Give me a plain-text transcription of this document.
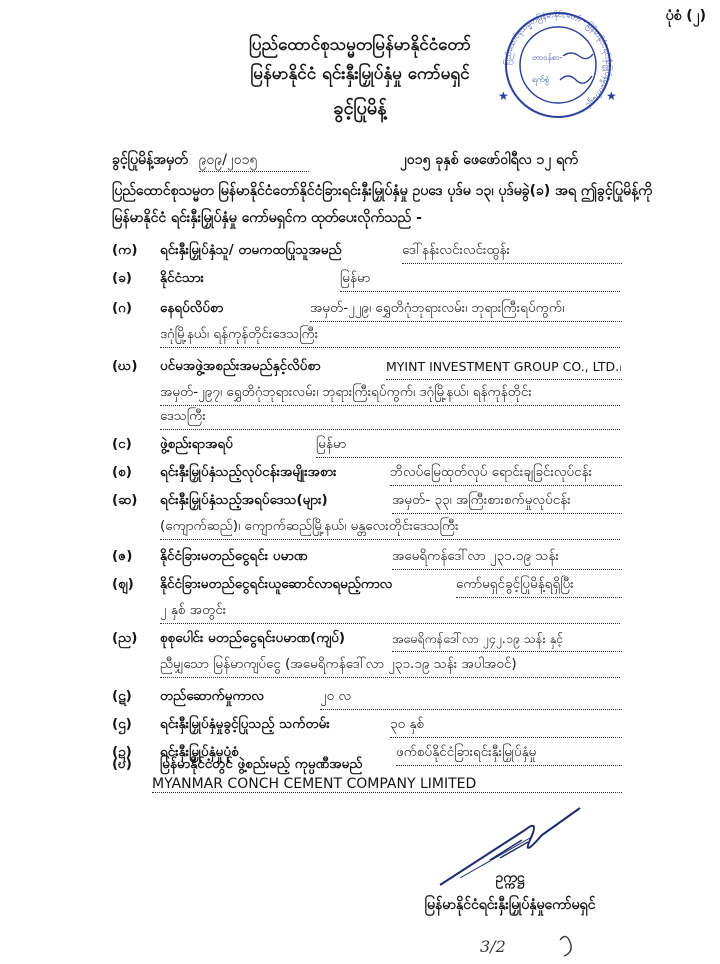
ပုံစံ (၂)
ပြည်ထောင်စုသမ္မတမြန်မာနိုင်ငံတော်
မြန်မာနိုင်ငံ ရင်းနှီးမြှုပ်နှံမှု ကော်မရှင်
ခွင့်ပြုမိန့်
ပြည်ထောင်စုသမ္မတမြန်မာနိုင်ငံတော် · မြန်မာနိုင်ငံရင်းနှီးမြှုပ်နှံမှုကော်မရှင်
တာဝန်စာ-
ရက်စွဲ
★
★
ခွင့်ပြုမိန့်အမှတ် ၉၀၉/၂၀၁၅	၂၀၁၅ ခုနှစ် ဖေဖော်ဝါရီလ ၁၂ ရက်
ပြည်ထောင်စုသမ္မတ မြန်မာနိုင်ငံတော်နိုင်ငံခြားရင်းနှီးမြှုပ်နှံမှု ဥပဒေ ပုဒ်မ ၁၃၊ ပုဒ်မခွဲ(ခ) အရ ဤခွင့်ပြုမိန့်ကို မြန်မာနိုင်ငံ ရင်းနှီးမြှုပ်နှံမှု ကော်မရှင်က ထုတ်ပေးလိုက်သည် -
(က) ရင်းနှီးမြှုပ်နှံသူ/ တမကထပြုသူအမည်	ဒေါ်နန်းလင်းလင်းထွန်း
(ခ) နိုင်ငံသား	မြန်မာ
(ဂ) နေရပ်လိပ်စာ	အမှတ်-၂၂၉၊ ရွှေတိဂုံဘုရားလမ်း၊ ဘုရားကြီးရပ်ကွက်၊
ဒဂုံမြို့နယ်၊ ရန်ကုန်တိုင်းဒေသကြီး
(ဃ) ပင်မအဖွဲ့အစည်းအမည်နှင့်လိပ်စာ	MYINT INVESTMENT GROUP CO., LTD.၊
အမှတ်-၂၉၇၊ ရွှေတိဂုံဘုရားလမ်း၊ ဘုရားကြီးရပ်ကွက်၊ ဒဂုံမြို့နယ်၊ ရန်ကုန်တိုင်း
ဒေသကြီး
(င) ဖွဲ့စည်းရာအရပ်	မြန်မာ
(စ) ရင်းနှီးမြှုပ်နှံသည့်လုပ်ငန်းအမျိုးအစား	ဘိလပ်မြေထုတ်လုပ် ရောင်းချခြင်းလုပ်ငန်း
(ဆ) ရင်းနှီးမြှုပ်နှံသည့်အရပ်ဒေသ(များ)	အမှတ်- ၃၃၊ အကြီးစားစက်မှုလုပ်ငန်း
(ကျောက်ဆည်)၊ ကျောက်ဆည်မြို့နယ်၊ မန္တလေးတိုင်းဒေသကြီး
(ဇ) နိုင်ငံခြားမတည်ငွေရင်း ပမာဏ	အမေရိကန်ဒေါ်လာ ၂၃၁.၁၉ သန်း
(ဈ) နိုင်ငံခြားမတည်ငွေရင်းယူဆောင်လာရမည့်ကာလ	ကော်မရှင်ခွင့်ပြုမိန့်ရရှိပြီး
၂ နှစ် အတွင်း
(ည) စုစုပေါင်း မတည်ငွေရင်းပမာဏ(ကျပ်)	အမေရိကန်ဒေါ်လာ ၂၄၂.၁၉ သန်း နှင့်
ညီမျှသော မြန်မာကျပ်ငွေ (အမေရိကန်ဒေါ်လာ ၂၃၁.၁၉ သန်း အပါအဝင်)
(ဋ) တည်ဆောက်မှုကာလ	၂၀ လ
(ဌ) ရင်းနှီးမြှုပ်နှံမှုခွင့်ပြုသည့် သက်တမ်း	၃၀ နှစ်
(ဍ) ရင်းနှီးမြှုပ်နှံမှုပုံစံ	ဖက်စပ်နိုင်ငံခြားရင်းနှီးမြှုပ်နှံမှု
(ဎ) မြန်မာနိုင်ငံတွင် ဖွဲ့စည်းမည့် ကုမ္ပဏီအမည်
MYANMAR CONCH CEMENT COMPANY LIMITED
ဥက္ကဋ္ဌ
မြန်မာနိုင်ငံရင်းနှီးမြှုပ်နှံမှုကော်မရှင်
3/2
